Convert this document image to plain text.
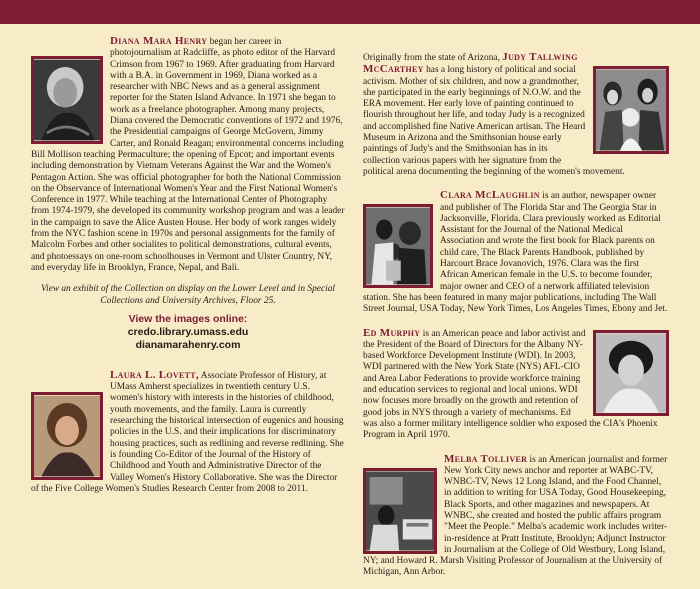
Diana Mara Henry began her career in photojournalism at Radcliffe, as photo editor of the Harvard Crimson from 1967 to 1969. After graduating from Harvard with a B.A. in Government in 1969, Diana worked as a researcher with NBC News and as a general assignment reporter for the Staten Island Advance. In 1971 she began to work as a freelance photographer. Among many projects, Diana covered the Democratic conventions of 1972 and 1976, the Presidential campaigns of George McGovern, Jimmy Carter, and Ronald Reagan; environmental concerns including Bill Mollison teaching Permaculture; the opening of Epcot; and important events including demonstration by Vietnam Veterans Against the War and the Women's Pentagon Action. She was official photographer for both the National Commission on the Observance of International Women's Year and the First National Women's Conference in 1977. While teaching at the International Center of Photography from 1974-1979, she developed its community workshop program and was a leader in the campaign to save the Alice Austen House. Her body of work ranges widely from the NYC fashion scene in 1970s and personal assignments for the family of Malcolm Forbes and other socialites to political demonstrations, cultural events, and photoessays on one-room schoolhouses in Vermont and Ulster Country, NY, and everyday life in Brooklyn, France, Nepal, and Bali.

View an exhibit of the Collection on display on the Lower Level and in Special Collections and University Archives, Floor 25.
View the images online:
credo.library.umass.edu
dianamarahenry.com

Laura L. Lovett, Associate Professor of History, at UMass Amherst specializes in twentieth century U.S. women's history with interests in the histories of childhood, youth movements, and the family. Laura is currently researching the historical intersection of eugenics and housing policies in the U.S. and their implications for discriminatory housing practices, such as redlining and reverse redlining. She is founding Co-Editor of the Journal of the History of Childhood and Youth and Administrative Director of the Valley Women's History Collaborative. She was the Director of the Five College Women's Studies Research Center from 2008 to 2011.

Originally from the state of Arizona, Judy Tallwing McCarthey has a long history of political and social activism. Mother of six children, and now a grandmother, she participated in the early beginnings of N.O.W. and the ERA movement. Her early love of painting continued to flourish throughout her life, and today Judy is a recognized and accomplished fine Native American artisan. The Heard Museum in Arizona and the Smithsonian house early paintings of Judy's and the Smithsonian has in its collection various papers with her signature from the political arena documenting the beginning of the women's movement.

Clara McLaughlin is an author, newspaper owner and publisher of The Florida Star and The Georgia Star in Jacksonville, Florida. Clara previously worked as Editorial Assistant for the Journal of the National Medical Association and wrote the first book for Black parents on child care, The Black Parents Handbook, published by Harcourt Brace Jovanovich, 1976. Clara was the first African American female in the U.S. to become founder, major owner and CEO of a network affiliated television station. She has been featured in many major publications, including The Wall Street Journal, USA Today, New York Times, Los Angeles Times, Ebony and Jet.

Ed Murphy is an American peace and labor activist and the President of the Board of Directors for the Albany NY-based Workforce Development Institute (WDI). In 2003, WDI partnered with the New York State (NYS) AFL-CIO and Area Labor Federations to provide workforce training and education services to regional and local unions. WDI now focuses more broadly on the growth and retention of good jobs in NYS through a variety of mechanisms. Ed was also a former military intelligence soldier who exposed the CIA's Phoenix Program in April 1970.

Melba Tolliver is an American journalist and former New York City news anchor and reporter at WABC-TV, WNBC-TV, News 12 Long Island, and the Food Channel, in addition to writing for USA Today, Good Housekeeping, Black Sports, and other magazines and newspapers. At WNBC, she created and hosted the public affairs program "Meet the People." Melba's academic work includes writer-in-residence at Pratt Institute, Brooklyn; Adjunct Instructor in Journalism at the College of Old Westbury, Long Island, NY; and Howard R. Marsh Visiting Professor of Journalism at the University of Michigan, Ann Arbor.
